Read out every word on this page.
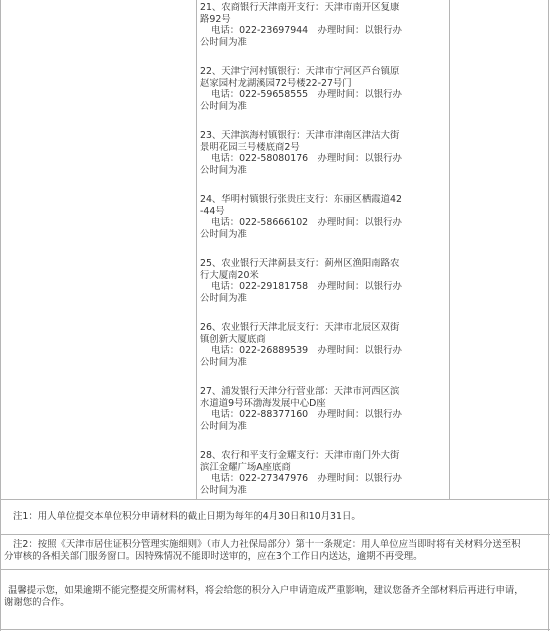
21、农商银行天津南开支行：天津市南开区复康
路92号
电话：022-23697944　办理时间：以银行办
公时间为准
22、天津宁河村镇银行：天津市宁河区芦台镇原
赵家园村龙湖溪园72号楼22-27号门
电话：022-59658555　办理时间：以银行办
公时间为准
23、天津滨海村镇银行：天津市津南区津沽大街
景明花园三号楼底商2号
电话：022-58080176　办理时间：以银行办
公时间为准
24、华明村镇银行张贵庄支行：东丽区栖霞道42
-44号
电话：022-58666102　办理时间：以银行办
公时间为准
25、农业银行天津蓟县支行：蓟州区渔阳南路农
行大厦南20米
电话：022-29181758　办理时间：以银行办
公时间为准
26、农业银行天津北辰支行：天津市北辰区双街
镇创新大厦底商
电话：022-26889539　办理时间：以银行办
公时间为准
27、浦发银行天津分行营业部：天津市河西区滨
水道道9号环渤海发展中心D座
电话：022-88377160　办理时间：以银行办
公时间为准
28、农行和平支行金耀支行：天津市南门外大街
滨江金耀广场A座底商
电话：022-27347976　办理时间：以银行办
公时间为准
注1：用人单位提交本单位积分申请材料的截止日期为每年的4月30日和10月31日。
注2：按照《天津市居住证积分管理实施细则》（市人力社保局部分）第十一条规定：用人单位应当即时将有关材料分送至积
分审核的各相关部门服务窗口。因特殊情况不能即时送审的，应在3个工作日内送达，逾期不再受理。
温馨提示您，如果逾期不能完整提交所需材料，将会给您的积分入户申请造成严重影响，建议您备齐全部材料后再进行申请，
谢谢您的合作。
